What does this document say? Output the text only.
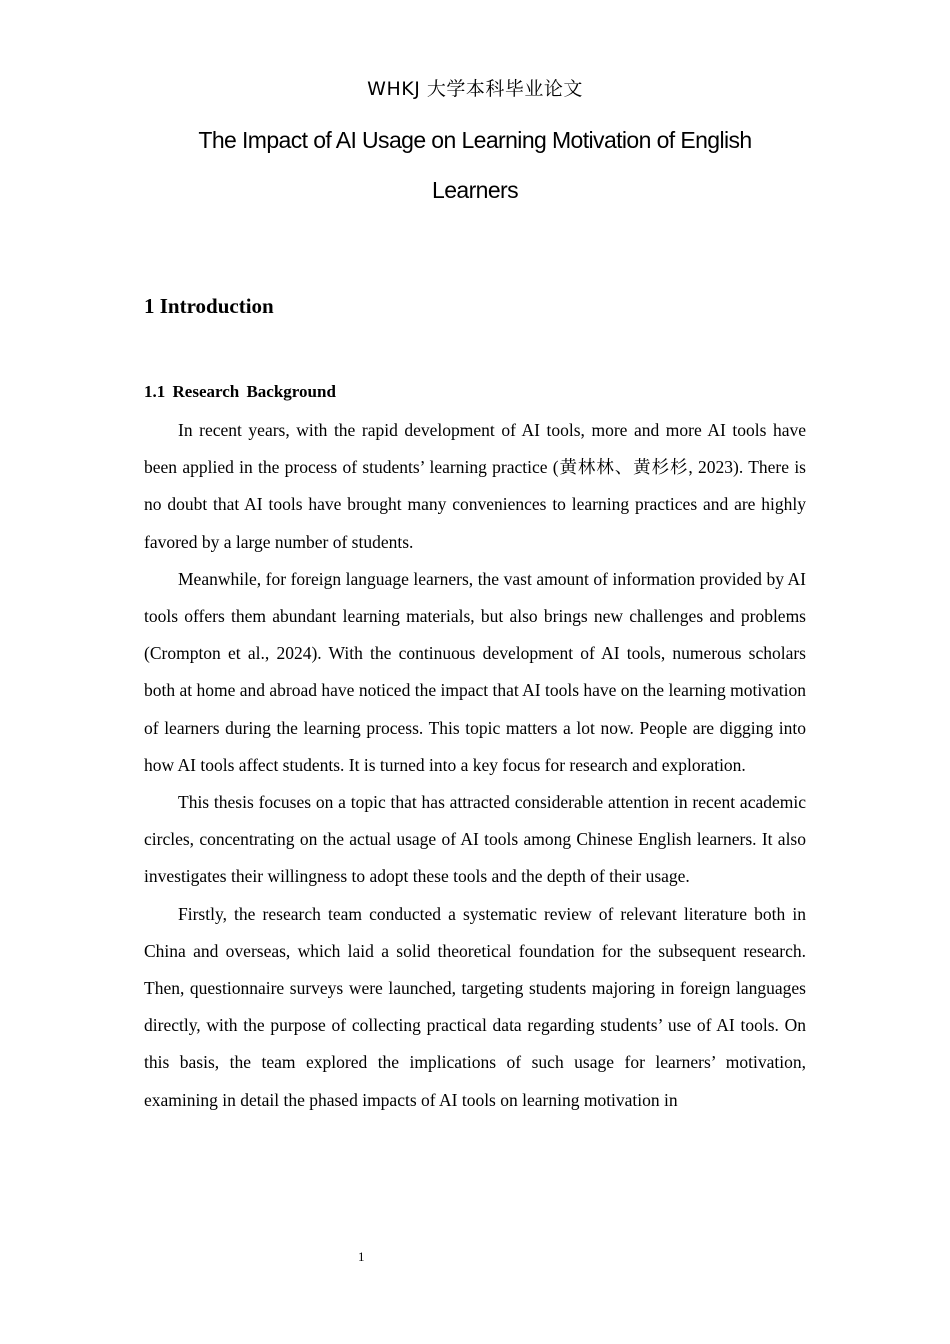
WHKJ 大学本科毕业论文
The Impact of AI Usage on Learning Motivation of English
Learners
1 Introduction
1.1 Research Background

In recent years, with the rapid development of AI tools, more and more AI tools have been applied in the process of students’ learning practice (黄林林、黄杉杉, 2023). There is no doubt that AI tools have brought many conveniences to learning practices and are highly favored by a large number of students.

Meanwhile, for foreign language learners, the vast amount of information provided by AI tools offers them abundant learning materials, but also brings new challenges and problems (Crompton et al., 2024). With the continuous development of AI tools, numerous scholars both at home and abroad have noticed the impact that AI tools have on the learning motivation of learners during the learning process. This topic matters a lot now. People are digging into how AI tools affect students. It is turned into a key focus for research and exploration.

This thesis focuses on a topic that has attracted considerable attention in recent academic circles, concentrating on the actual usage of AI tools among Chinese English learners. It also investigates their willingness to adopt these tools and the depth of their usage.

Firstly, the research team conducted a systematic review of relevant literature both in China and overseas, which laid a solid theoretical foundation for the subsequent research. Then, questionnaire surveys were launched, targeting students majoring in foreign languages directly, with the purpose of collecting practical data regarding students’ use of AI tools. On this basis, the team explored the implications of such usage for learners’ motivation, examining in detail the phased impacts of AI tools on learning motivation in

1
